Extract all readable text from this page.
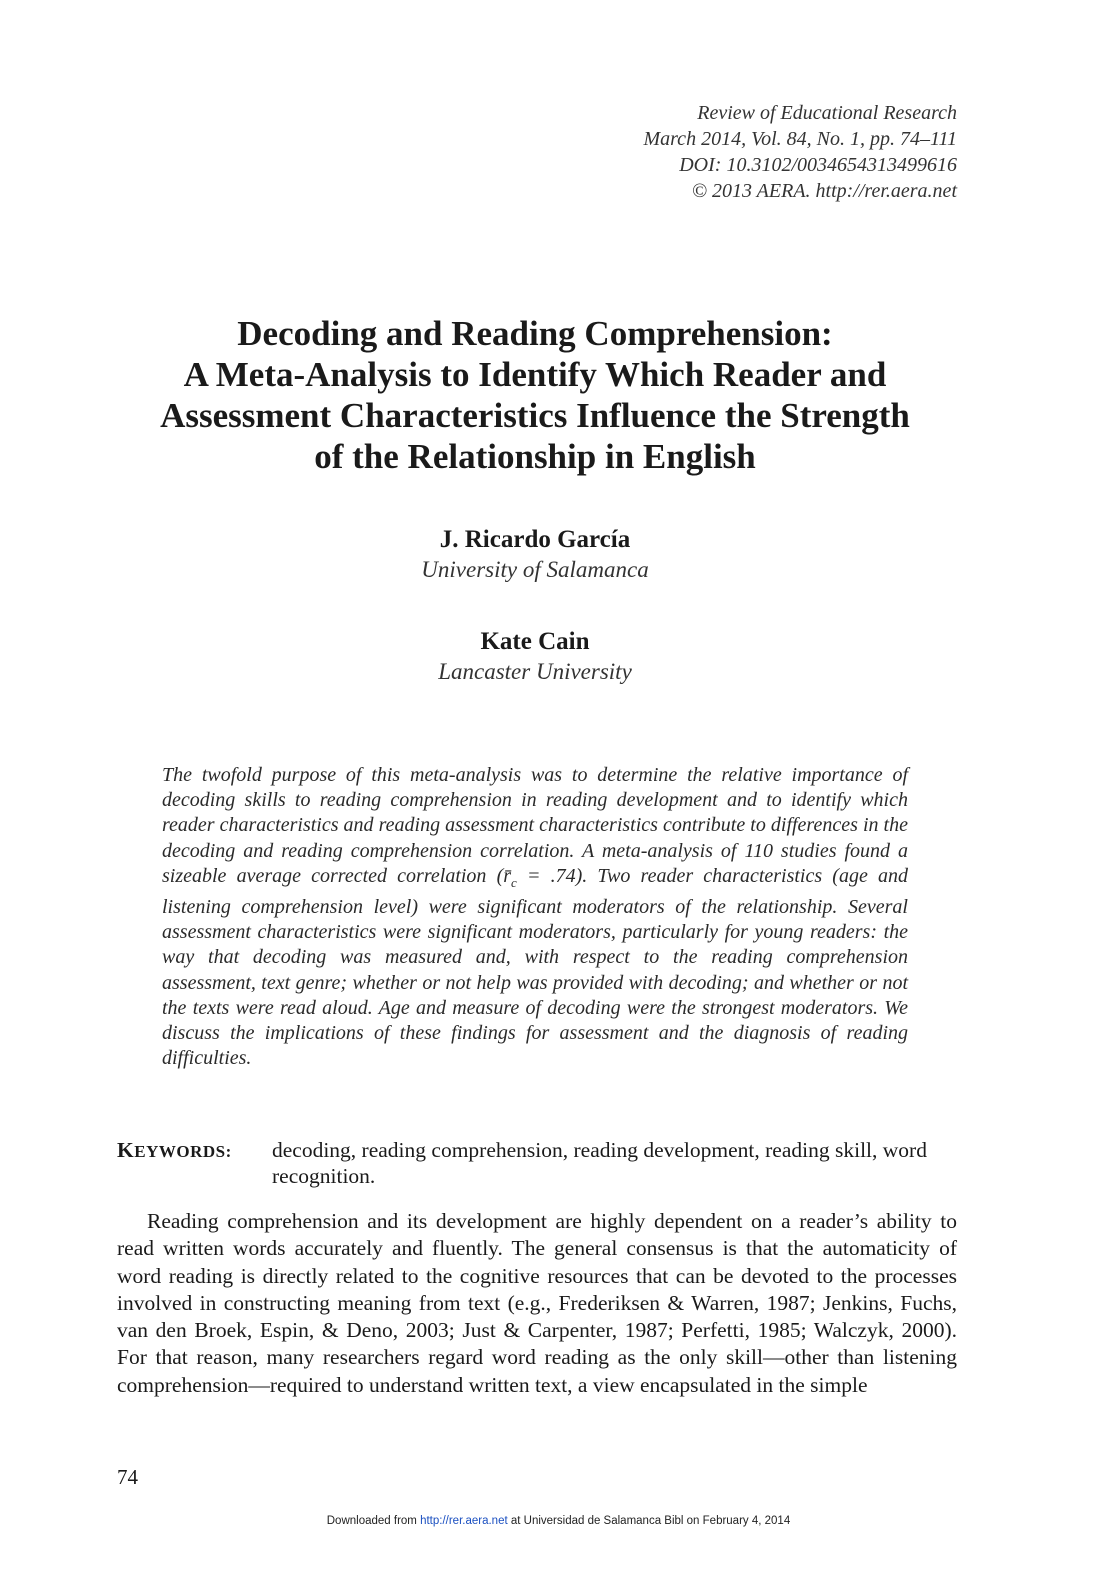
Review of Educational Research
March 2014, Vol. 84, No. 1, pp. 74–111
DOI: 10.3102/0034654313499616
© 2013 AERA. http://rer.aera.net
Decoding and Reading Comprehension:
A Meta-Analysis to Identify Which Reader and
Assessment Characteristics Influence the Strength
of the Relationship in English
J. Ricardo García
University of Salamanca
Kate Cain
Lancaster University
The twofold purpose of this meta-analysis was to determine the relative importance of decoding skills to reading comprehension in reading development and to identify which reader characteristics and reading assessment characteristics contribute to differences in the decoding and reading comprehension correlation. A meta-analysis of 110 studies found a sizeable average corrected correlation $(r̄_c = .74)$. Two reader characteristics (age and listening comprehension level) were significant moderators of the relationship. Several assessment characteristics were significant moderators, particularly for young readers: the way that decoding was measured and, with respect to the reading comprehension assessment, text genre; whether or not help was provided with decoding; and whether or not the texts were read aloud. Age and measure of decoding were the strongest moderators. We discuss the implications of these findings for assessment and the diagnosis of reading difficulties.
KEYWORDS: decoding, reading comprehension, reading development, reading skill, word recognition.

Reading comprehension and its development are highly dependent on a reader’s ability to read written words accurately and fluently. The general consensus is that the automaticity of word reading is directly related to the cognitive resources that can be devoted to the processes involved in constructing meaning from text (e.g., Frederiksen & Warren, 1987; Jenkins, Fuchs, van den Broek, Espin, & Deno, 2003; Just & Carpenter, 1987; Perfetti, 1985; Walczyk, 2000). For that reason, many researchers regard word reading as the only skill—other than listening comprehension—required to understand written text, a view encapsulated in the simple

74
Downloaded from http://rer.aera.net at Universidad de Salamanca Bibl on February 4, 2014
